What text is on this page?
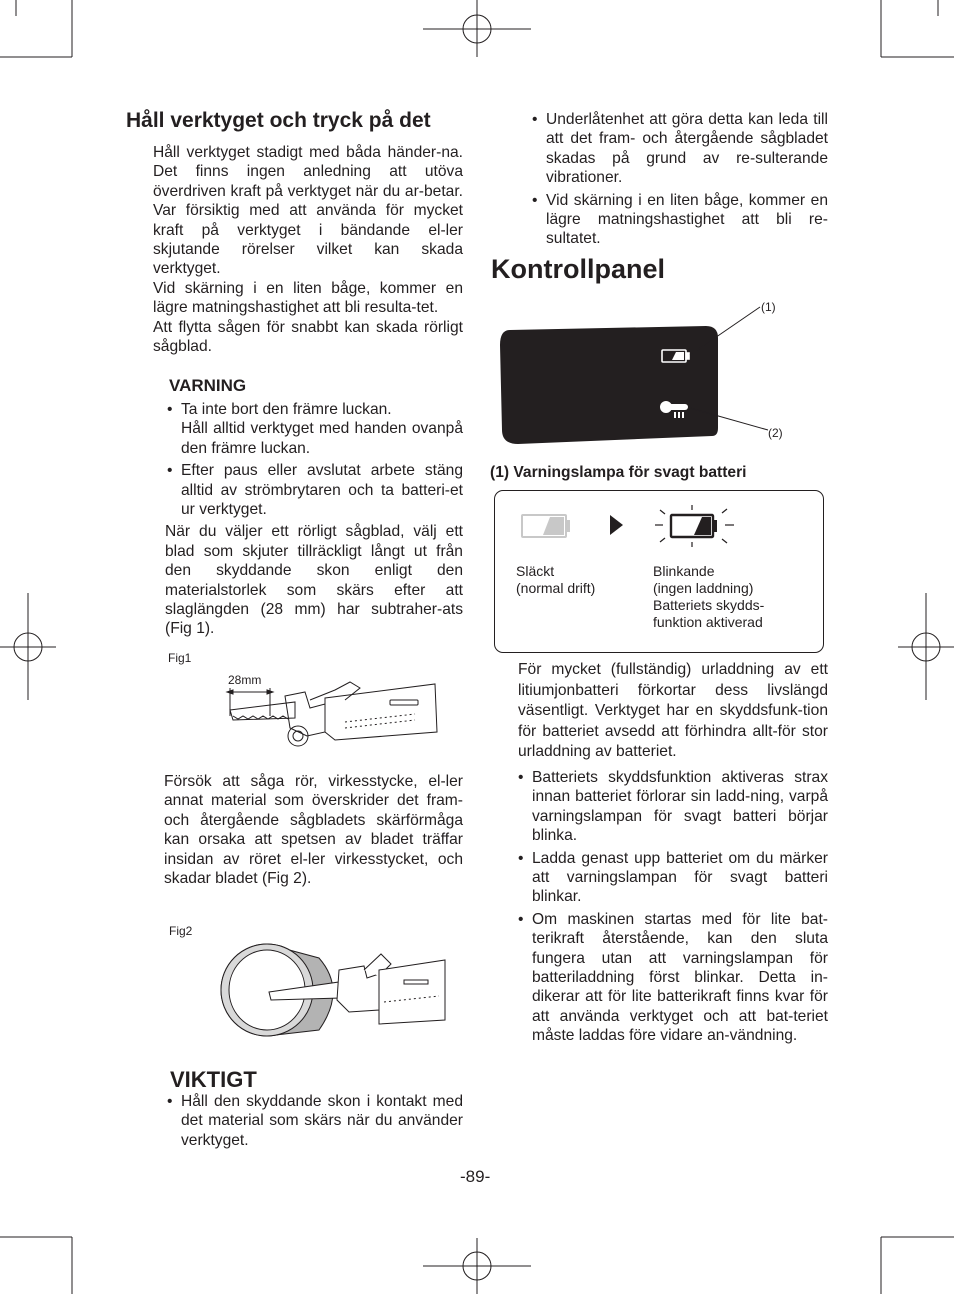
Håll verktyget och tryck på det

Håll verktyget stadigt med båda händer-na. Det finns ingen anledning att utöva överdriven kraft på verktyget när du ar-betar. Var försiktig med att använda för mycket kraft på verktyget i bändande el-ler skjutande rörelser vilket kan skada verktyget.

Vid skärning i en liten båge, kommer en lägre matningshastighet att bli resulta-tet.

Att flytta sågen för snabbt kan skada rörligt sågblad.

VARNING
• Ta inte bort den främre luckan.
Håll alltid verktyget med handen ovanpå den främre luckan.
• Efter paus eller avslutat arbete stäng alltid av strömbrytaren och ta batteri-et ur verktyget.

När du väljer ett rörligt sågblad, välj ett blad som skjuter tillräckligt långt ut från den skyddande skon enligt den materialstorlek som skärs efter att slaglängden (28 mm) har subtraher-ats (Fig 1).

Fig1
28mm

Försök att såga rör, virkesstycke, el-ler annat material som överskrider det fram- och återgående sågbladets skärförmåga kan orsaka att spetsen av bladet träffar insidan av röret el-ler virkesstycket, och skadar bladet (Fig 2).

Fig2
VIKTIGT
• Håll den skyddande skon i kontakt med det material som skärs när du använder verktyget.
• Underlåtenhet att göra detta kan leda till att det fram- och återgående sågbladet skadas på grund av re-sulterande vibrationer.
• Vid skärning i en liten båge, kommer en lägre matningshastighet att bli re-sultatet.
Kontrollpanel
(1)
(2)
(1) Varningslampa för svagt batteri
Släckt
(normal drift)
Blinkande
(ingen laddning)
Batteriets skydds-
funktion aktiverad

För mycket (fullständig) urladdning av ett litiumjonbatteri förkortar dess livslängd väsentligt. Verktyget har en skyddsfunk-tion för batteriet avsedd att förhindra allt-för stor urladdning av batteriet.

• Batteriets skyddsfunktion aktiveras strax innan batteriet förlorar sin ladd-ning, varpå varningslampan för svagt batteri börjar blinka.
• Ladda genast upp batteriet om du märker att varningslampan för svagt batteri blinkar.
• Om maskinen startas med för lite bat-terikraft återstående, kan den sluta fungera utan att varningslampan för batteriladdning först blinkar. Detta in-dikerar att för lite batterikraft finns kvar för att använda verktyget och att bat-teriet måste laddas före vidare an-vändning.
-89-
